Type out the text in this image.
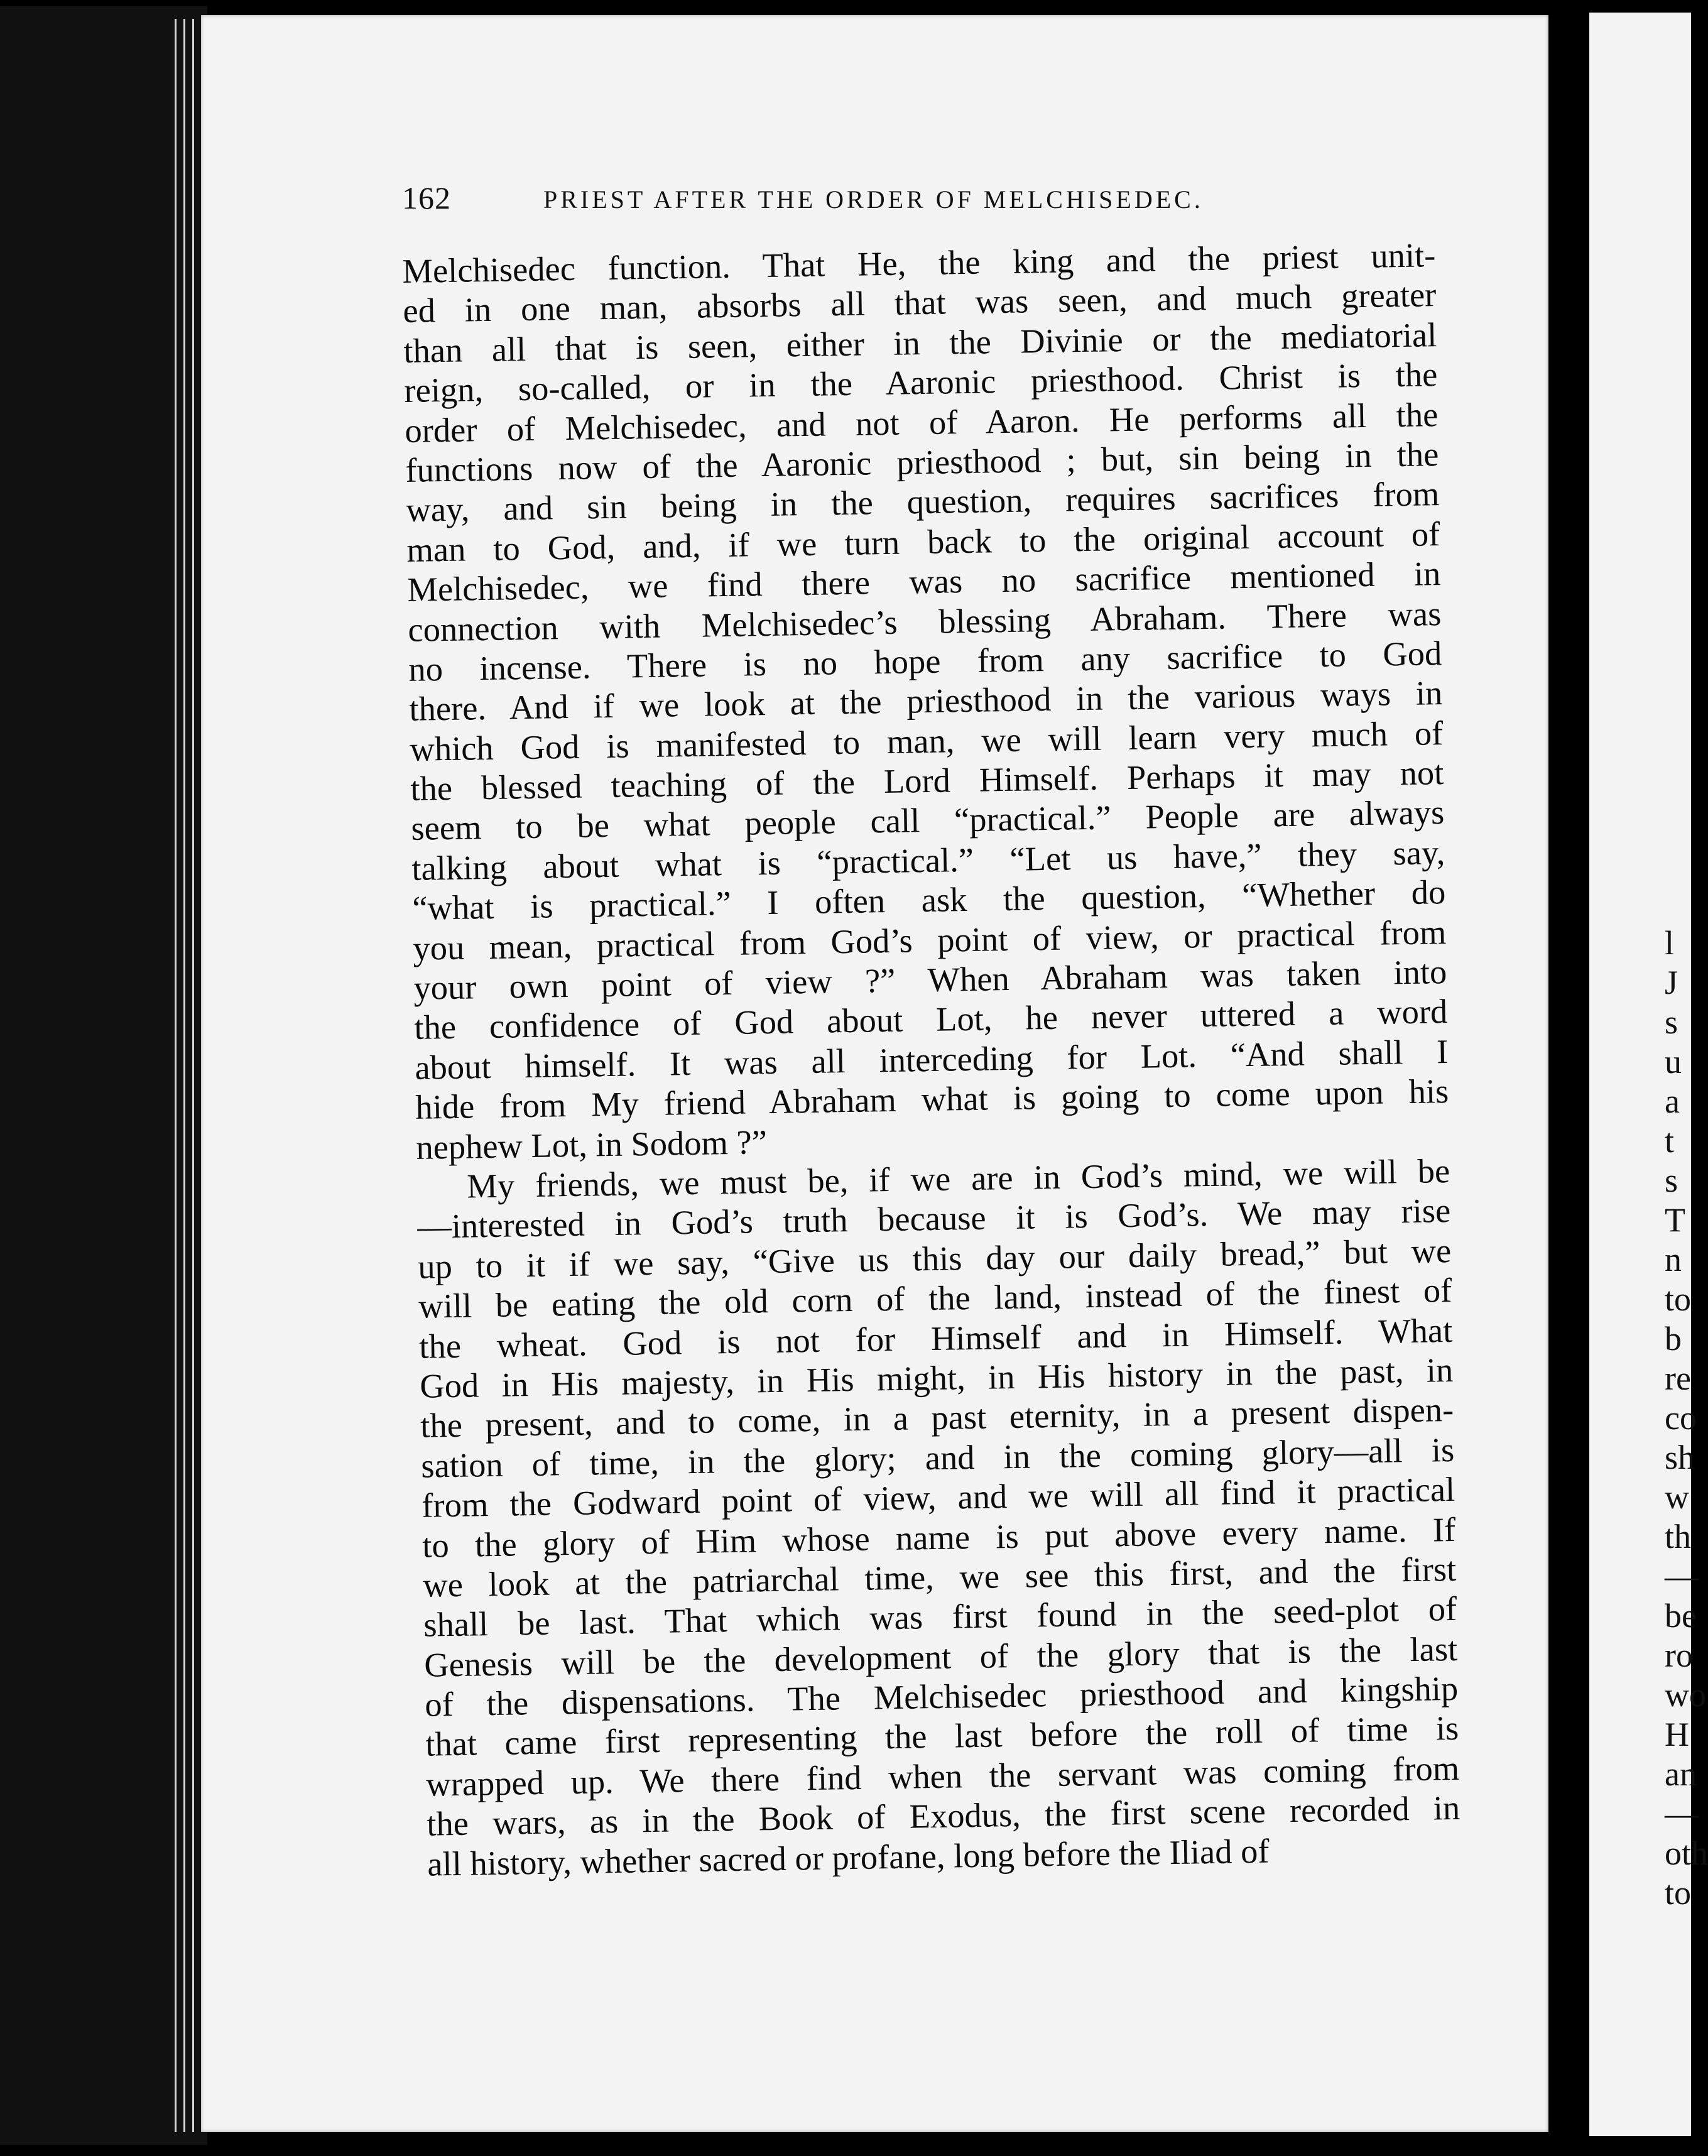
162	PRIEST AFTER THE ORDER OF MELCHISEDEC.
Melchisedec function. That He, the king and the priest unit-
ed in one man, absorbs all that was seen, and much greater
than all that is seen, either in the Divinie or the mediatorial
reign, so-called, or in the Aaronic priesthood. Christ is the
order of Melchisedec, and not of Aaron. He performs all the
functions now of the Aaronic priesthood ; but, sin being in the
way, and sin being in the question, requires sacrifices from
man to God, and, if we turn back to the original account of
Melchisedec, we find there was no sacrifice mentioned in
connection with Melchisedec’s blessing Abraham. There was
no incense. There is no hope from any sacrifice to God
there. And if we look at the priesthood in the various ways in
which God is manifested to man, we will learn very much of
the blessed teaching of the Lord Himself. Perhaps it may not
seem to be what people call “practical.” People are always
talking about what is “practical.” “Let us have,” they say,
“what is practical.” I often ask the question, “Whether do
you mean, practical from God’s point of view, or practical from
your own point of view ?” When Abraham was taken into
the confidence of God about Lot, he never uttered a word
about himself. It was all interceding for Lot. “And shall I
hide from My friend Abraham what is going to come upon his
nephew Lot, in Sodom ?”
My friends, we must be, if we are in God’s mind, we will be
—interested in God’s truth because it is God’s. We may rise
up to it if we say, “Give us this day our daily bread,” but we
will be eating the old corn of the land, instead of the finest of
the wheat. God is not for Himself and in Himself. What
God in His majesty, in His might, in His history in the past, in
the present, and to come, in a past eternity, in a present dispen-
sation of time, in the glory; and in the coming glory—all is
from the Godward point of view, and we will all find it practical
to the glory of Him whose name is put above every name. If
we look at the patriarchal time, we see this first, and the first
shall be last. That which was first found in the seed-plot of
Genesis will be the development of the glory that is the last
of the dispensations. The Melchisedec priesthood and kingship
that came first representing the last before the roll of time is
wrapped up. We there find when the servant was coming from
the wars, as in the Book of Exodus, the first scene recorded in
all history, whether sacred or profane, long before the Iliad of
l
J
s
u
a
t
s
T
n
to
b
re
co
sh
w
th
—
be
ro
wo
H
an
—
oth
to
